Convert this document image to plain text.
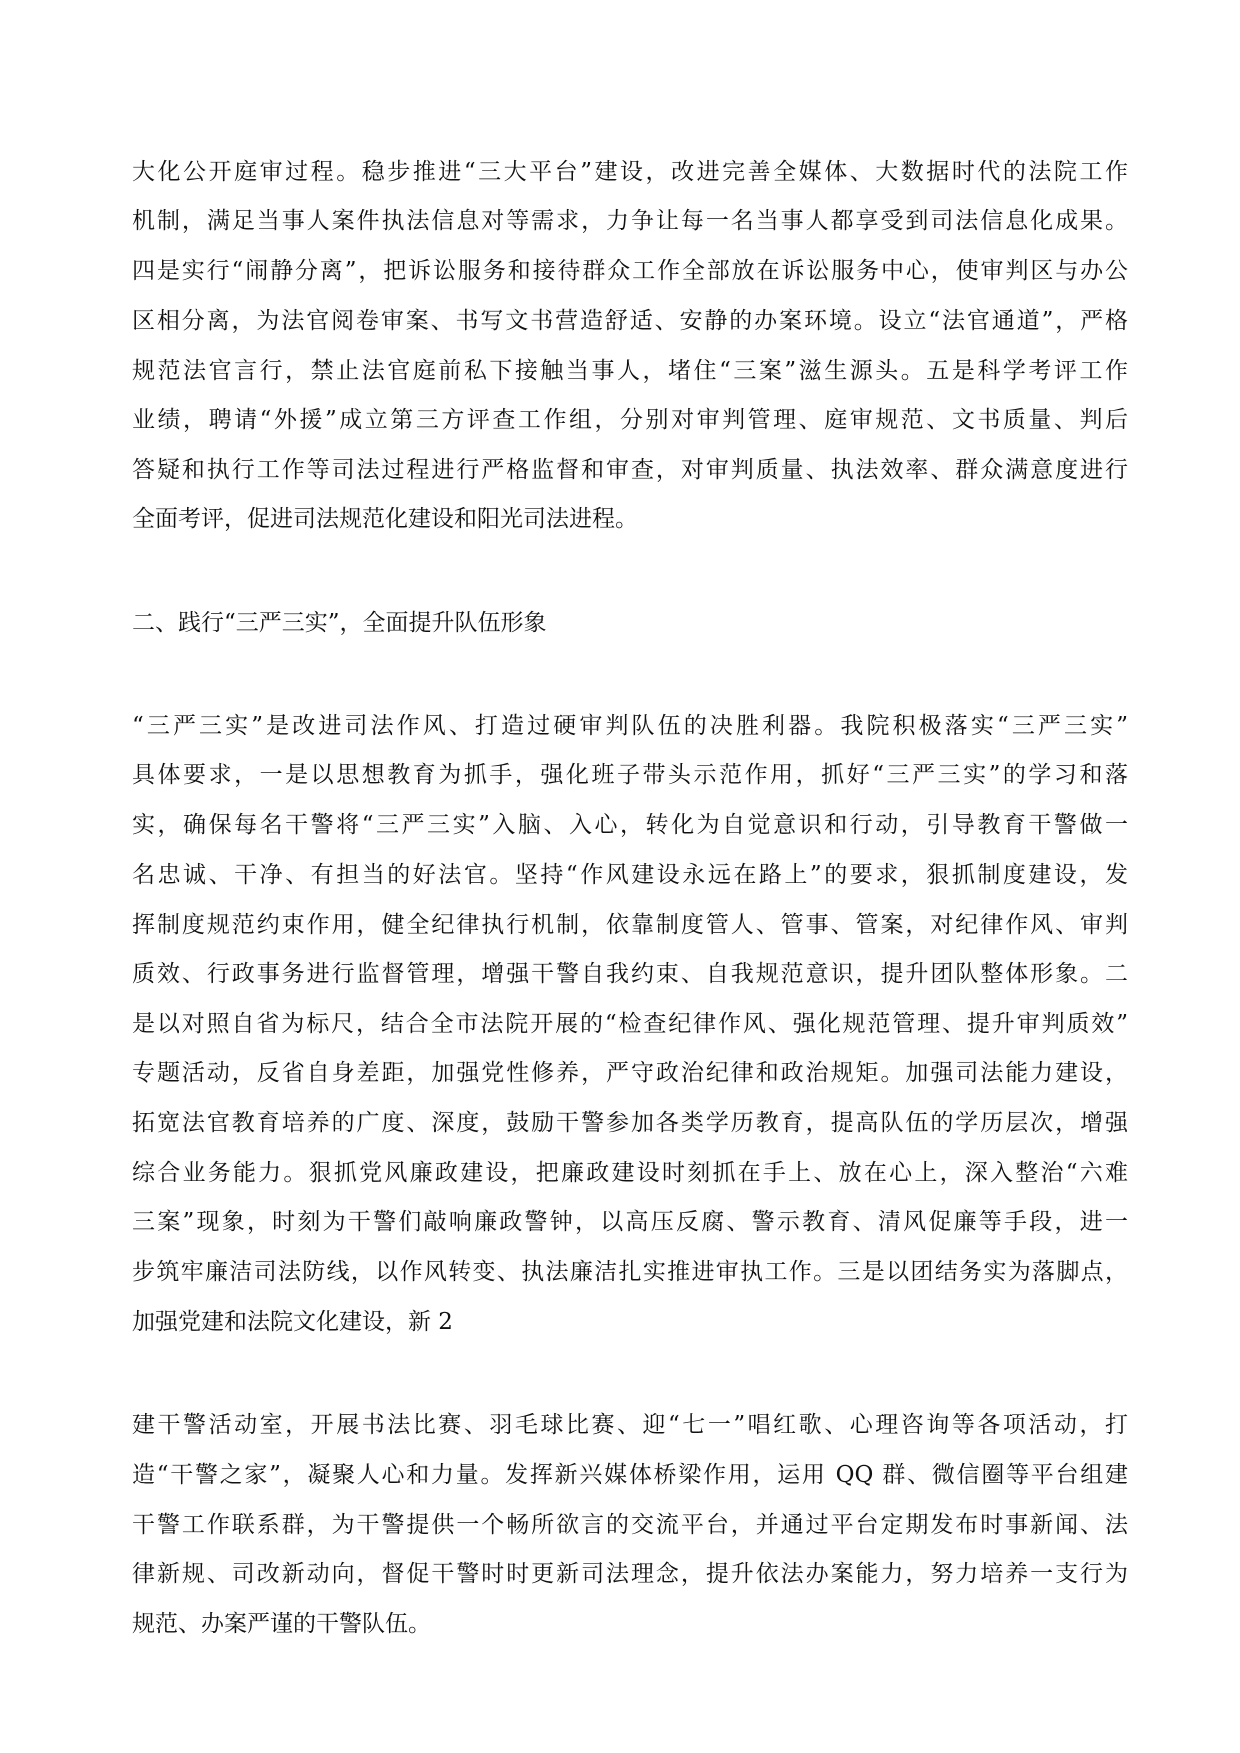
大化公开庭审过程。稳步推进“三大平台”建设，改进完善全媒体、大数据时代的法院工作
机制，满足当事人案件执法信息对等需求，力争让每一名当事人都享受到司法信息化成果。
四是实行“闹静分离”，把诉讼服务和接待群众工作全部放在诉讼服务中心，使审判区与办公
区相分离，为法官阅卷审案、书写文书营造舒适、安静的办案环境。设立“法官通道”，严格
规范法官言行，禁止法官庭前私下接触当事人，堵住“三案”滋生源头。五是科学考评工作
业绩，聘请“外援”成立第三方评查工作组，分别对审判管理、庭审规范、文书质量、判后
答疑和执行工作等司法过程进行严格监督和审查，对审判质量、执法效率、群众满意度进行
全面考评，促进司法规范化建设和阳光司法进程。
二、践行“三严三实”，全面提升队伍形象
“三严三实”是改进司法作风、打造过硬审判队伍的决胜利器。我院积极落实“三严三实”
具体要求，一是以思想教育为抓手，强化班子带头示范作用，抓好“三严三实”的学习和落
实，确保每名干警将“三严三实”入脑、入心，转化为自觉意识和行动，引导教育干警做一
名忠诚、干净、有担当的好法官。坚持“作风建设永远在路上”的要求，狠抓制度建设，发
挥制度规范约束作用，健全纪律执行机制，依靠制度管人、管事、管案，对纪律作风、审判
质效、行政事务进行监督管理，增强干警自我约束、自我规范意识，提升团队整体形象。二
是以对照自省为标尺，结合全市法院开展的“检查纪律作风、强化规范管理、提升审判质效”
专题活动，反省自身差距，加强党性修养，严守政治纪律和政治规矩。加强司法能力建设，
拓宽法官教育培养的广度、深度，鼓励干警参加各类学历教育，提高队伍的学历层次，增强
综合业务能力。狠抓党风廉政建设，把廉政建设时刻抓在手上、放在心上，深入整治“六难
三案”现象，时刻为干警们敲响廉政警钟，以高压反腐、警示教育、清风促廉等手段，进一
步筑牢廉洁司法防线，以作风转变、执法廉洁扎实推进审执工作。三是以团结务实为落脚点，
加强党建和法院文化建设，新 2
建干警活动室，开展书法比赛、羽毛球比赛、迎“七一”唱红歌、心理咨询等各项活动，打
造“干警之家”，凝聚人心和力量。发挥新兴媒体桥梁作用，运用 QQ 群、微信圈等平台组建
干警工作联系群，为干警提供一个畅所欲言的交流平台，并通过平台定期发布时事新闻、法
律新规、司改新动向，督促干警时时更新司法理念，提升依法办案能力，努力培养一支行为
规范、办案严谨的干警队伍。
